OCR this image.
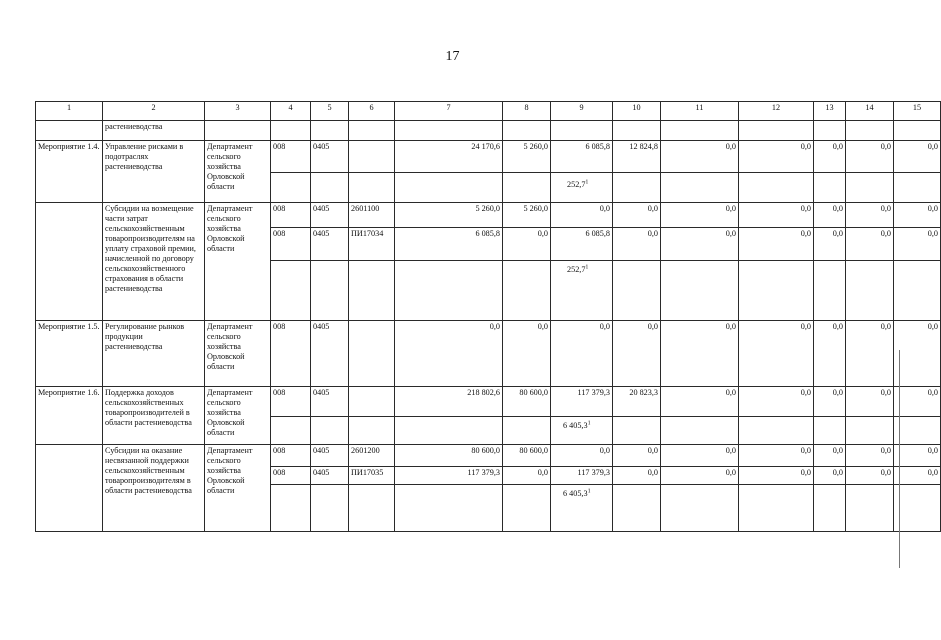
17
1	2	3	4	5	6	7	8	9	10	11	12	13	14	15
	растениеводства													
Мероприятие 1.4.	Управление рисками в подотраслях растениеводства	Департамент сельского хозяйства Орловской области	008	0405		24 170,6	5 260,0	6 085,8	12 824,8	0,0	0,0	0,0	0,0	0,0
								252,7$^1$						
	Субсидии на возмещение части затрат сельскохозяйственным товаропроизводителям на уплату страховой премии, начисленной по договору сельскохозяйственного страхования в области растениеводства	Департамент сельского хозяйства Орловской области	008	0405	2601100	5 260,0	5 260,0	0,0	0,0	0,0	0,0	0,0	0,0	0,0
			008	0405	ПИ17034	6 085,8	0,0	6 085,8	0,0	0,0	0,0	0,0	0,0	0,0
								252,7$^1$						
Мероприятие 1.5.	Регулирование рынков продукции растениеводства	Департамент сельского хозяйства Орловской области	008	0405		0,0	0,0	0,0	0,0	0,0	0,0	0,0	0,0	0,0
Мероприятие 1.6.	Поддержка доходов сельскохозяйственных товаропроизводителей в области растениеводства	Департамент сельского хозяйства Орловской области	008	0405		218 802,6	80 600,0	117 379,3	20 823,3	0,0	0,0	0,0	0,0	0,0
								6 405,3$^1$						
	Субсидии на оказание несвязанной поддержки сельскохозяйственным товаропроизводителям в области растениеводства	Департамент сельского хозяйства Орловской области	008	0405	2601200	80 600,0	80 600,0	0,0	0,0	0,0	0,0	0,0	0,0	0,0
			008	0405	ПИ17035	117 379,3	0,0	117 379,3	0,0	0,0	0,0	0,0	0,0	0,0
								6 405,3$^1$						
